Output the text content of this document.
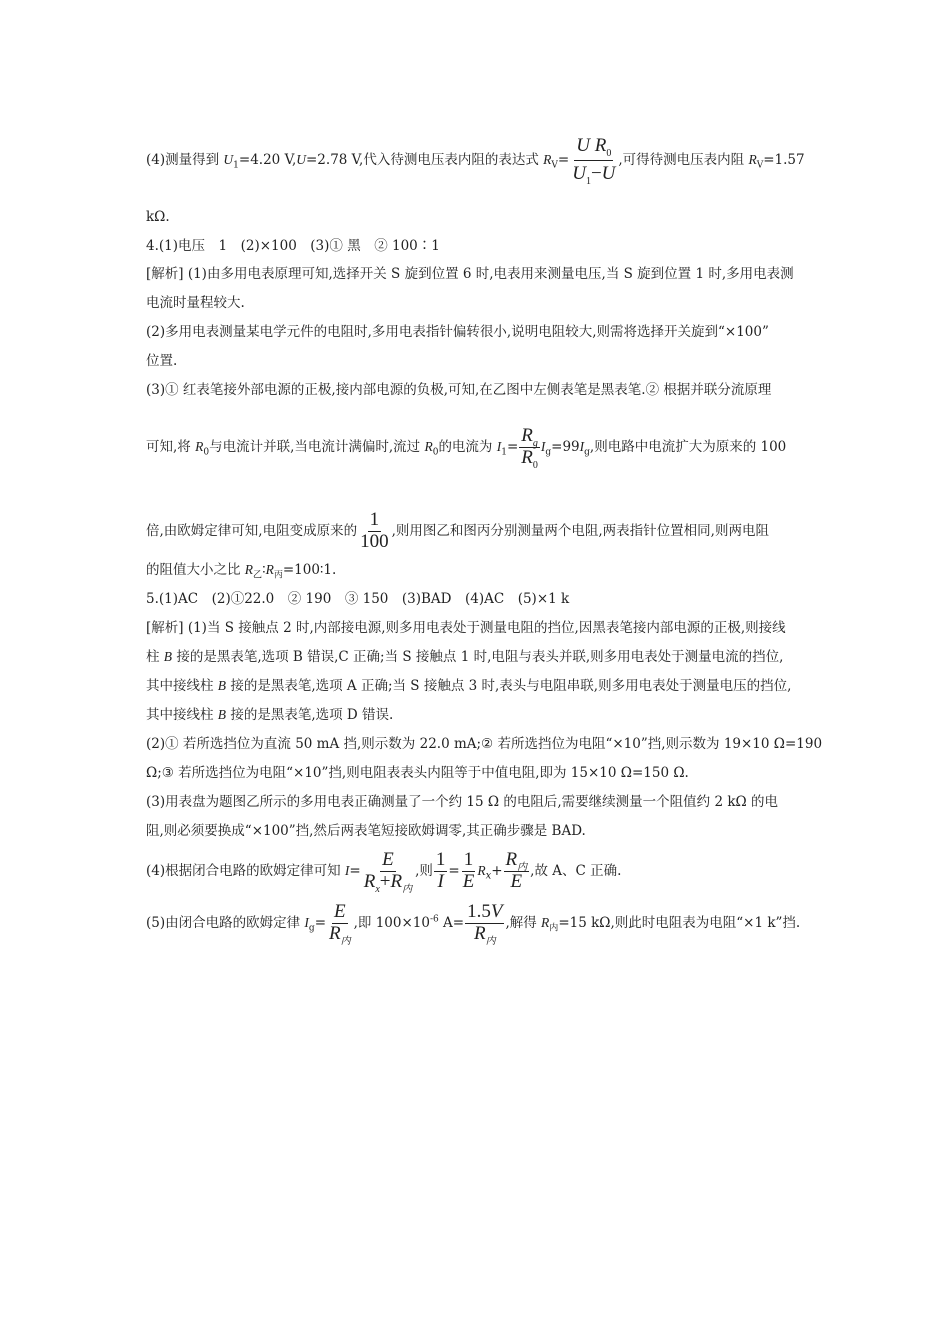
(4)测量得到 $U_1=4.20$ V,U=2.78 V,代入待测电压表内阻的表达式 $R_V= \frac{U R_0}{U_1-U}$ ,可得待测电压表内阻 $R_V=1.57$
kΩ.
4.(1)电压　1　(2)×100　(3)① 黑　② 100∶1
[解析] (1)由多用电表原理可知,选择开关 S 旋到位置 6 时,电表用来测量电压,当 S 旋到位置 1 时,多用电表测
电流时量程较大.
(2)多用电表测量某电学元件的电阻时,多用电表指针偏转很小,说明电阻较大,则需将选择开关旋到“×100”
位置.
(3)① 红表笔接外部电源的正极,接内部电源的负极,可知,在乙图中左侧表笔是黑表笔.② 根据并联分流原理
可知,将 $R_0$与电流计并联,当电流计满偏时,流过 $R_0$的电流为 $I_1= \frac{R_g}{R_0} I_g=99I_g$,则电路中电流扩大为原来的 100
倍,由欧姆定律可知,电阻变成原来的 $\frac{1}{100}$ ,则用图乙和图丙分别测量两个电阻,两表指针位置相同,则两电阻
的阻值大小之比 $R_乙∶R_丙=100∶1$.
5.(1)AC　(2)①22.0　② 190　③ 150　(3)BAD　(4)AC　(5)×1 k
[解析] (1)当 S 接触点 2 时,内部接电源,则多用电表处于测量电阻的挡位,因黑表笔接内部电源的正极,则接线
柱 B 接的是黑表笔,选项 B 错误,C 正确;当 S 接触点 1 时,电阻与表头并联,则多用电表处于测量电流的挡位,
其中接线柱 B 接的是黑表笔,选项 A 正确;当 S 接触点 3 时,表头与电阻串联,则多用电表处于测量电压的挡位,
其中接线柱 B 接的是黑表笔,选项 D 错误.
(2)① 若所选挡位为直流 50 mA 挡,则示数为 22.0 mA;② 若所选挡位为电阻“×10”挡,则示数为 19×10 Ω=190
Ω;③ 若所选挡位为电阻“×10”挡,则电阻表表头内阻等于中值电阻,即为 15×10 Ω=150 Ω.
(3)用表盘为题图乙所示的多用电表正确测量了一个约 15 Ω 的电阻后,需要继续测量一个阻值约 2 kΩ 的电
阻,则必须要换成“×100”挡,然后两表笔短接欧姆调零,其正确步骤是 BAD.
(4)根据闭合电路的欧姆定律可知 $I= \frac{E}{R_x+R_内}$ ,则 $\frac{1}{I} = \frac{1}{E} R_x+ \frac{R_内}{E}$ ,故 A、C 正确.
(5)由闭合电路的欧姆定律 $I_g= \frac{E}{R_内}$ ,即 $100\times 10^{-6}$ $A= \frac{1.5V}{R_内}$ ,解得 $R_内=15$ kΩ,则此时电阻表为电阻“×1 k”挡.
